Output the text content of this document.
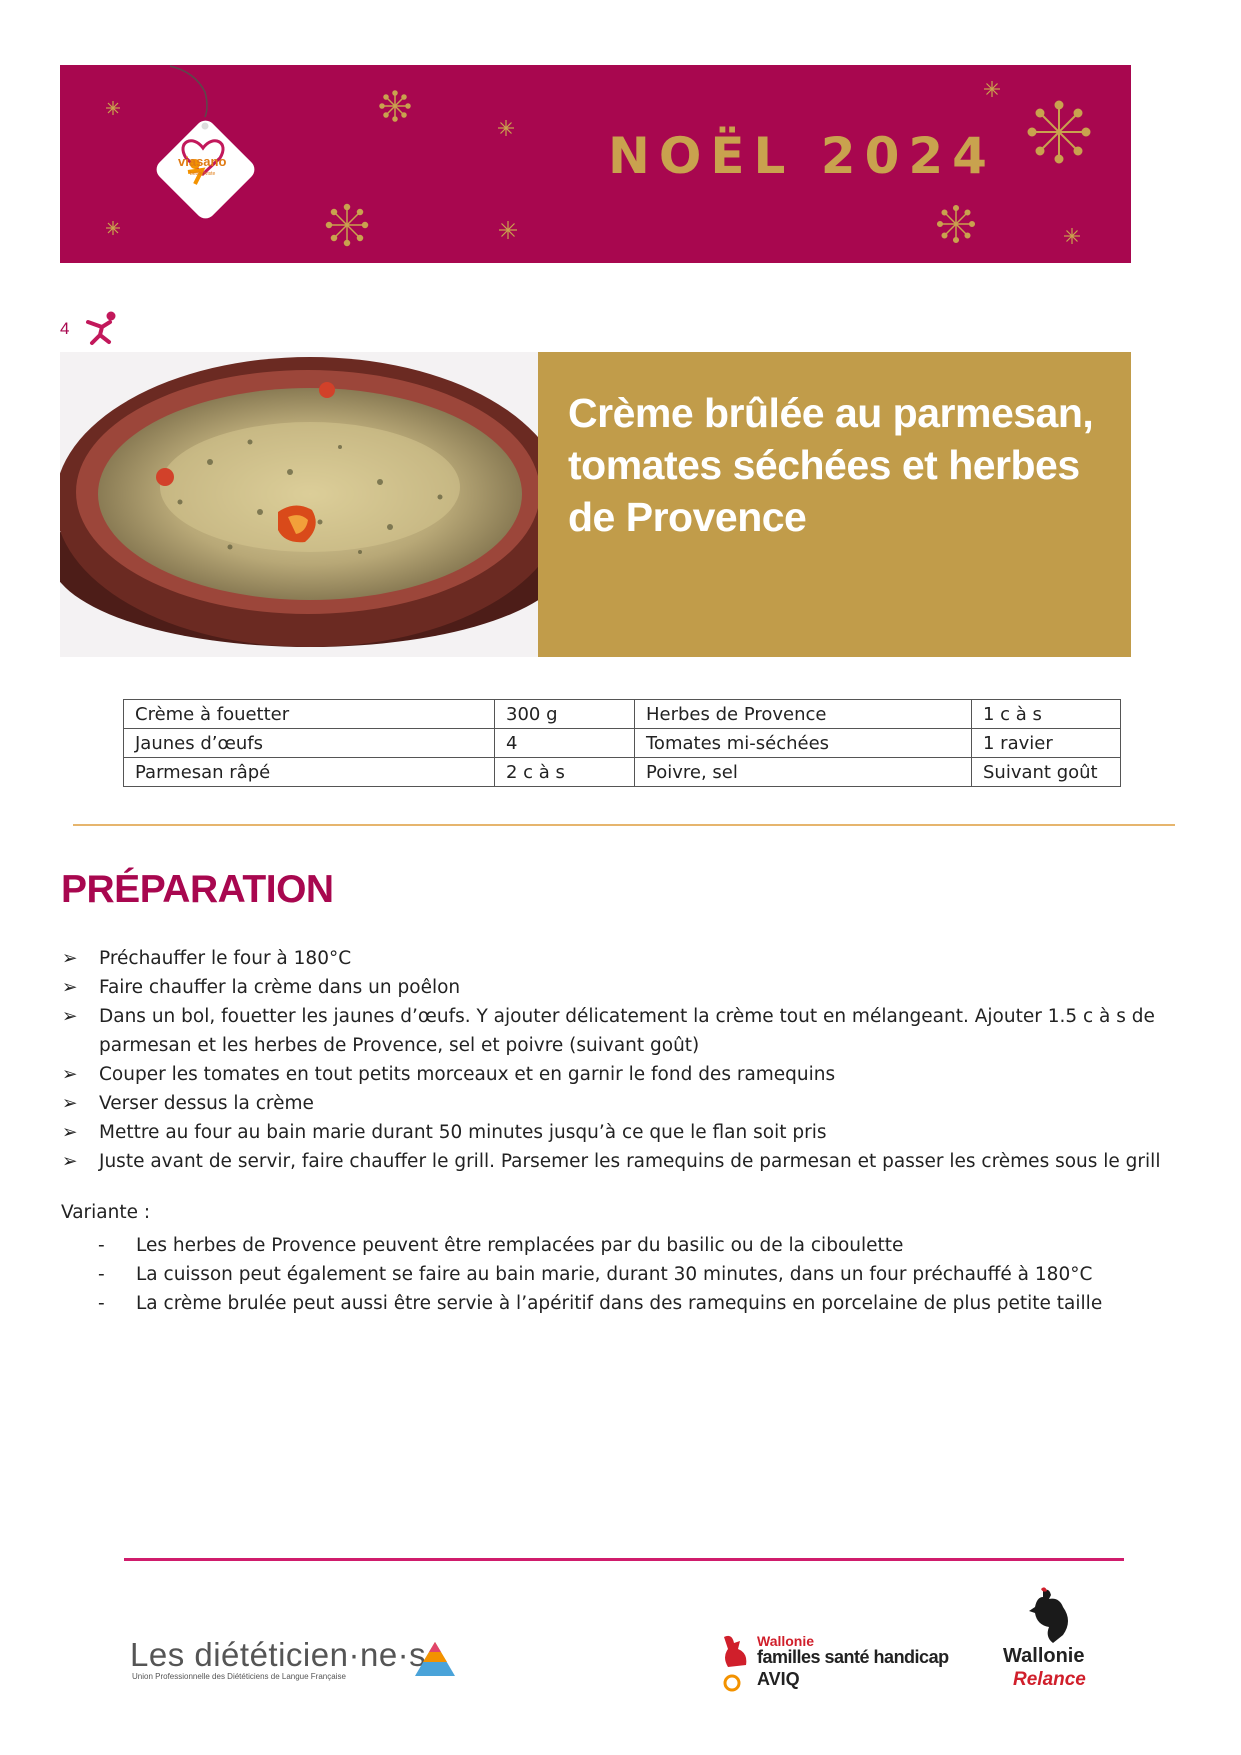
NOËL 2024
viasano
bebby/viste
4
Crème brûlée au parmesan, tomates séchées et herbes de Provence
Crème à fouetter	300 g	Herbes de Provence	1 c à s
Jaunes d’œufs	4	Tomates mi-séchées	1 ravier
Parmesan râpé	2 c à s	Poivre, sel	Suivant goût
PRÉPARATION
➢ Préchauffer le four à 180°C
➢ Faire chauffer la crème dans un poêlon
➢ Dans un bol, fouetter les jaunes d’œufs. Y ajouter délicatement la crème tout en mélangeant. Ajouter 1.5 c à s de parmesan et les herbes de Provence, sel et poivre (suivant goût)
➢ Couper les tomates en tout petits morceaux et en garnir le fond des ramequins
➢ Verser dessus la crème
➢ Mettre au four au bain marie durant 50 minutes jusqu’à ce que le flan soit pris
➢ Juste avant de servir, faire chauffer le grill. Parsemer les ramequins de parmesan et passer les crèmes sous le grill
Variante :
- Les herbes de Provence peuvent être remplacées par du basilic ou de la ciboulette
- La cuisson peut également se faire au bain marie, durant 30 minutes, dans un four préchauffé à 180°C
- La crème brulée peut aussi être servie à l’apéritif dans des ramequins en porcelaine de plus petite taille
Les diététicien·ne·s
Union Professionnelle des Diététiciens de Langue Française
Wallonie
familles santé handicap
AVIQ
Wallonie
Relance
